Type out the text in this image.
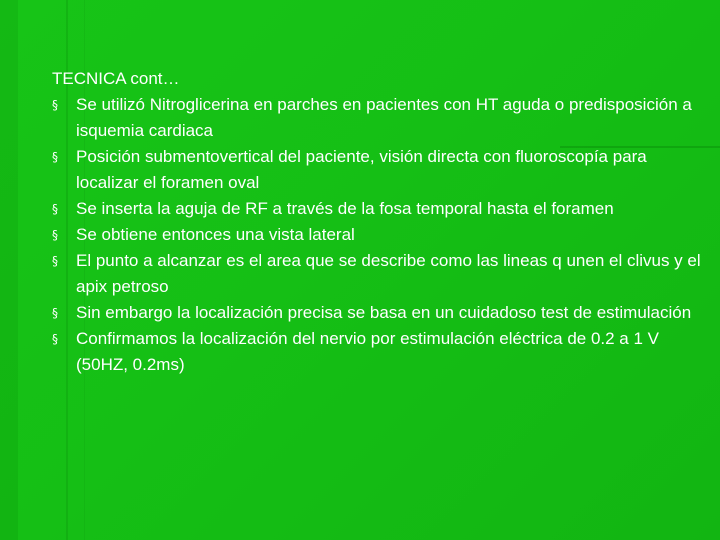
TECNICA cont…

§	Se utilizó Nitroglicerina en parches en pacientes con HT aguda o predisposición a isquemia cardiaca
§	Posición submentovertical del paciente, visión directa con fluoroscopía para localizar el foramen oval
§	Se inserta la aguja de RF a través de la fosa temporal hasta el foramen
§	Se obtiene entonces una vista lateral
§	El punto a alcanzar es el area que se describe como las lineas q unen el clivus y el apix petroso
§	Sin embargo la localización precisa se basa en un cuidadoso test de estimulación
§	Confirmamos la localización del nervio por estimulación eléctrica de 0.2 a 1 V (50HZ, 0.2ms)
